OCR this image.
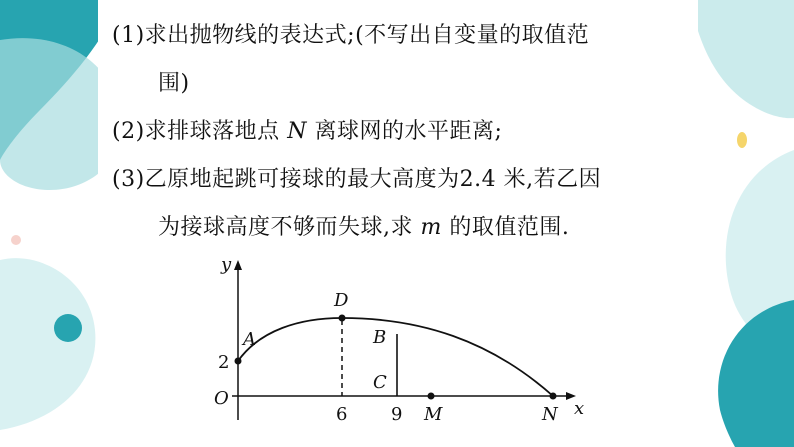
(1)求出抛物线的表达式;(不写出自变量的取值范
围)
(2)求排球落地点 N 离球网的水平距离;
(3)乙原地起跳可接球的最大高度为2.4 米,若乙因
为接球高度不够而失球,求 m 的取值范围.
y
x
O
A
D
B
C
M	N
2
6 9
